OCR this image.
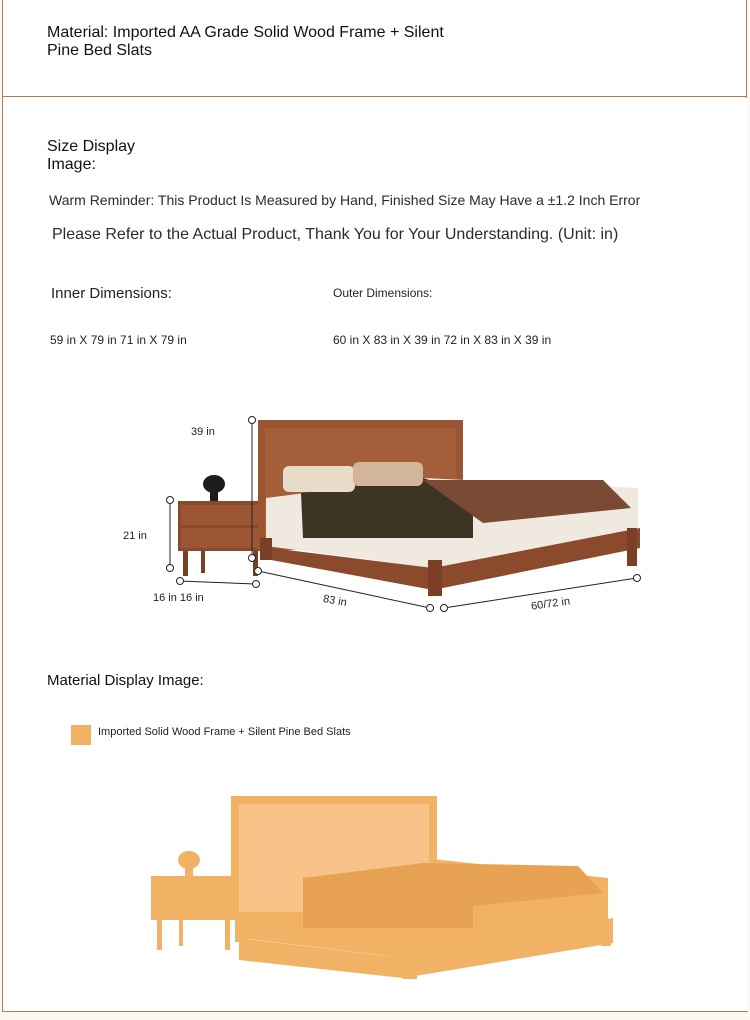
Material: Imported AA Grade Solid Wood Frame + Silent Pine Bed Slats
Size Display Image:
Warm Reminder: This Product Is Measured by Hand, Finished Size May Have a ±1.2 Inch Error
Please Refer to the Actual Product, Thank You for Your Understanding. (Unit: in)
Inner Dimensions:	Outer Dimensions:
59 in X 79 in 71 in X 79 in	60 in X 83 in X 39 in 72 in X 83 in X 39 in
39 in
21 in
16 in 16 in	83 in	60/72 in
Material Display Image:
Imported Solid Wood Frame + Silent Pine Bed Slats
